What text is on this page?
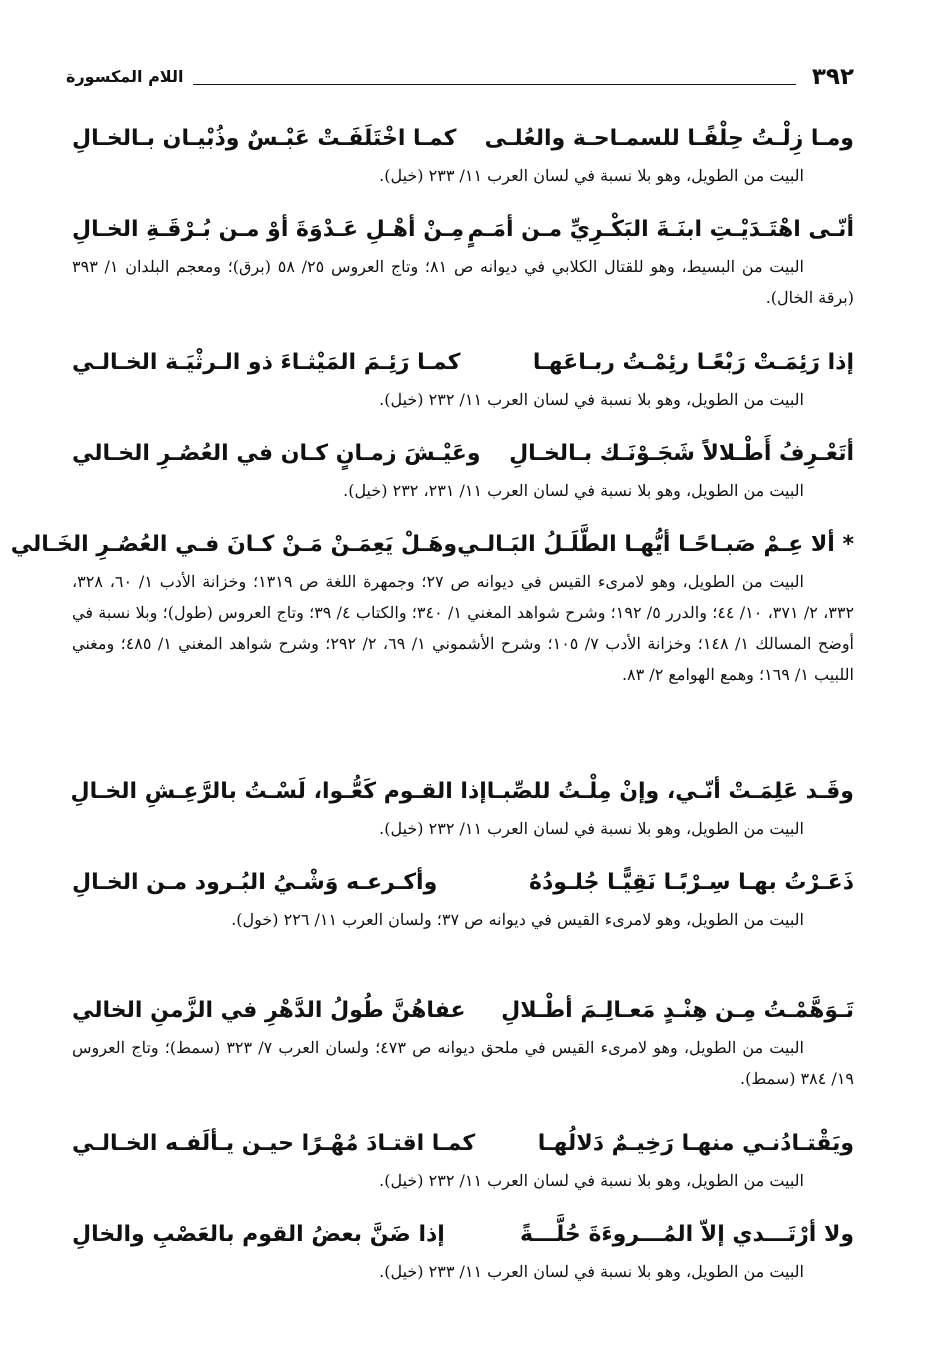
٣٩٢
اللام المكسورة
ومـا زِلْـتُ حِلْفًـا للسمـاحـة والعُلـى
كمـا اخْتَلَفَـتْ عَبْـسٌ وذُبْيـان بـالخـالِ
البيت من الطويل، وهو بلا نسبة في لسان العرب ١١/ ٢٣٣ (خيل).
أنّـى اهْتَـدَيْـتِ ابنَـةَ البَكْـرِيِّ مـن أمَـمٍ
مِـنْ أهْـلِ عَـدْوَةَ أوْ مـن بُـرْقَـةِ الخـالِ
البيت من البسيط، وهو للقتال الكلابي في ديوانه ص ٨١؛ وتاج العروس ٢٥/ ٥٨ (برق)؛ ومعجم البلدان ١/ ٣٩٣ (برقة الخال).
إذا رَئِمَـتْ رَبْعًـا رئِمْـتُ ربـاعَهـا
كمـا رَئِـمَ المَيْثـاءَ ذو الـرثْيَـة الخـالـي
البيت من الطويل، وهو بلا نسبة في لسان العرب ١١/ ٢٣٢ (خيل).
أتَعْـرِفُ أَطْـلالاً شَجَـوْنَـك بـالخـالِ
وعَيْـشَ زمـانٍ كـان في العُصُـرِ الخـالي
البيت من الطويل، وهو بلا نسبة في لسان العرب ١١/ ٢٣١، ٢٣٢ (خيل).
* ألا عِـمْ صَبـاحًـا أيُّهـا الطَّلَـلُ البَـالـي
وهَـلْ يَعِمَـنْ مَـنْ كـانَ فـي العُصُـرِ الخَـالي
البيت من الطويل، وهو لامرىء القيس في ديوانه ص ٢٧؛ وجمهرة اللغة ص ١٣١٩؛ وخزانة الأدب ١/ ٦٠، ٣٢٨، ٣٣٢، ٢/ ٣٧١، ١٠/ ٤٤؛ والدرر ٥/ ١٩٢؛ وشرح شواهد المغني ١/ ٣٤٠؛ والكتاب ٤/ ٣٩؛ وتاج العروس (طول)؛ وبلا نسبة في أوضح المسالك ١/ ١٤٨؛ وخزانة الأدب ٧/ ١٠٥؛ وشرح الأشموني ١/ ٦٩، ٢/ ٢٩٢؛ وشرح شواهد المغني ١/ ٤٨٥؛ ومغني اللبيب ١/ ١٦٩؛ وهمع الهوامع ٢/ ٨٣.
وقَـد عَلِمَـتْ أنّـي، وإنْ مِلْـتُ للصِّبـا
إذا القـوم كَعُّـوا، لَسْـتُ بالرَّعِـشِ الخـالِ
البيت من الطويل، وهو بلا نسبة في لسان العرب ١١/ ٢٣٢ (خيل).
ذَعَـرْتُ بهـا سِـرْبًـا نَقِيًّـا جُلـودُهُ
وأكـرعـه وَشْـيُ البُـرود مـن الخـالِ
البيت من الطويل، وهو لامرىء القيس في ديوانه ص ٣٧؛ ولسان العرب ١١/ ٢٢٦ (خول).
تَـوَهَّمْـتُ مِـن هِنْـدٍ مَعـالِـمَ أطْـلالِ
عفاهُنَّ طُولُ الدَّهْرِ في الزَّمنِ الخالي
البيت من الطويل، وهو لامرىء القيس في ملحق ديوانه ص ٤٧٣؛ ولسان العرب ٧/ ٣٢٣ (سمط)؛ وتاج العروس ١٩/ ٣٨٤ (سمط).
ويَقْتـادُنـي منهـا رَخِيـمٌ دَلالُهـا
كمـا اقتـادَ مُهْـرًا حيـن يـألَفـه الخـالـي
البيت من الطويل، وهو بلا نسبة في لسان العرب ١١/ ٢٣٢ (خيل).
ولا أرْتَـــدي إلاّ المُـــروءَةَ حُلَّـــةً
إذا ضَنَّ بعضُ القوم بالعَصْبِ والخالِ
البيت من الطويل، وهو بلا نسبة في لسان العرب ١١/ ٢٣٣ (خيل).
